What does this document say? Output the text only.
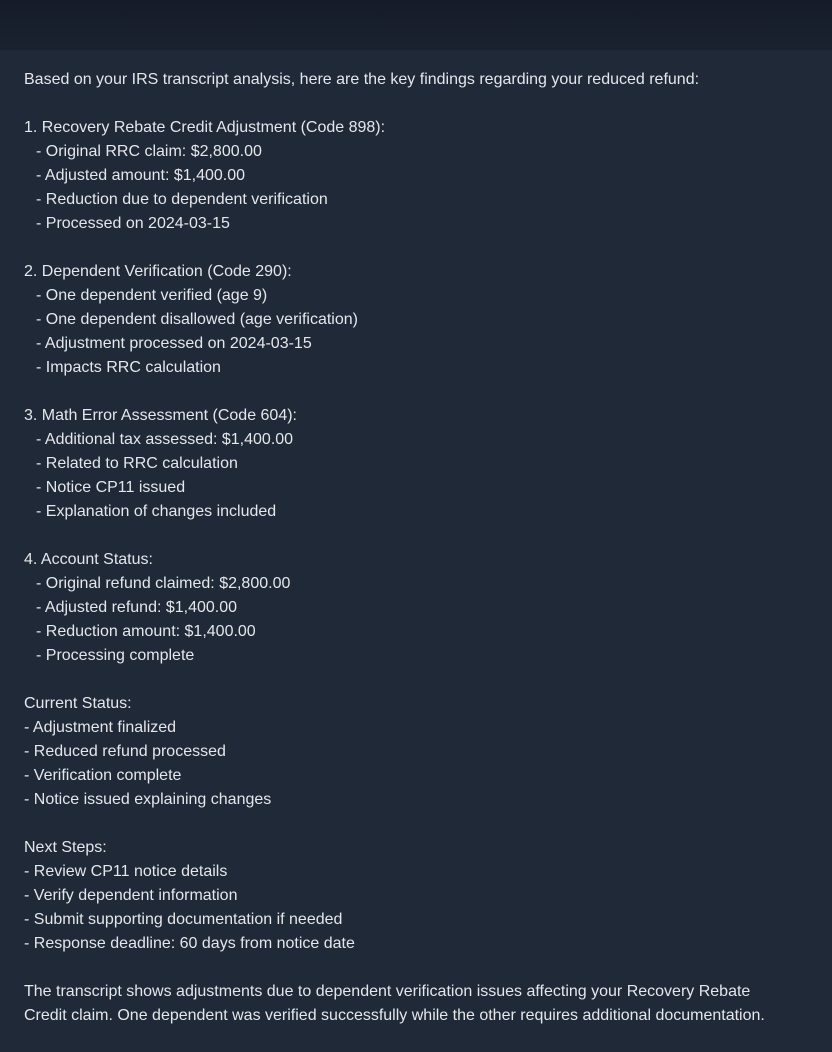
Based on your IRS transcript analysis, here are the key findings regarding your reduced refund:
1. Recovery Rebate Credit Adjustment (Code 898):
- Original RRC claim: $2,800.00
- Adjusted amount: $1,400.00
- Reduction due to dependent verification
- Processed on 2024-03-15
2. Dependent Verification (Code 290):
- One dependent verified (age 9)
- One dependent disallowed (age verification)
- Adjustment processed on 2024-03-15
- Impacts RRC calculation
3. Math Error Assessment (Code 604):
- Additional tax assessed: $1,400.00
- Related to RRC calculation
- Notice CP11 issued
- Explanation of changes included
4. Account Status:
- Original refund claimed: $2,800.00
- Adjusted refund: $1,400.00
- Reduction amount: $1,400.00
- Processing complete
Current Status:
- Adjustment finalized
- Reduced refund processed
- Verification complete
- Notice issued explaining changes
Next Steps:
- Review CP11 notice details
- Verify dependent information
- Submit supporting documentation if needed
- Response deadline: 60 days from notice date
The transcript shows adjustments due to dependent verification issues affecting your Recovery Rebate Credit claim. One dependent was verified successfully while the other requires additional documentation.
